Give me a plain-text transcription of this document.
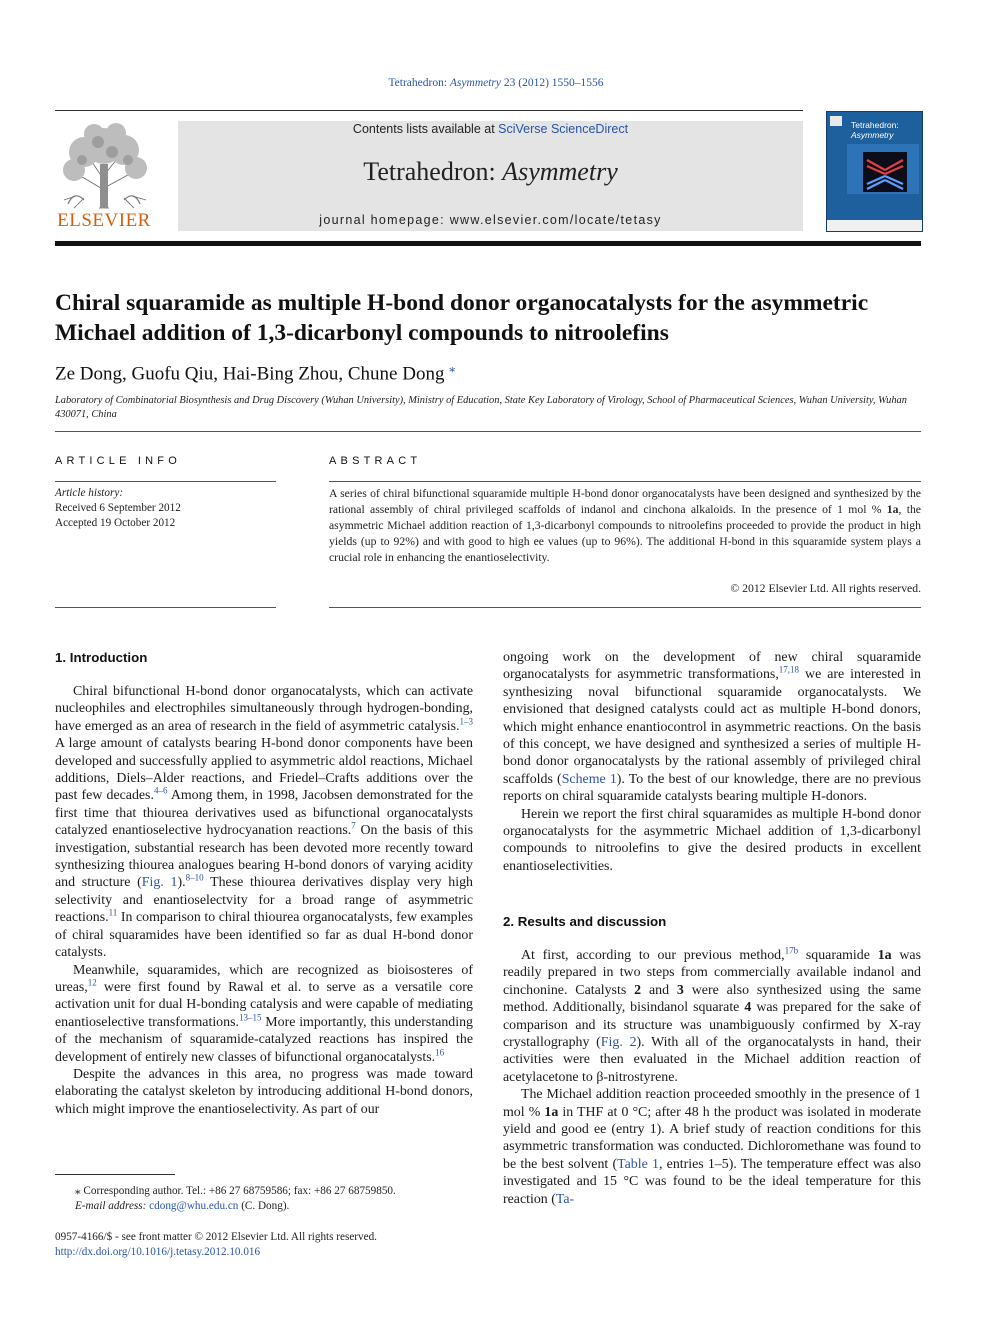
Tetrahedron: Asymmetry 23 (2012) 1550–1556
ELSEVIER
Contents lists available at SciVerse ScienceDirect
Tetrahedron: Asymmetry
journal homepage: www.elsevier.com/locate/tetasy
Tetrahedron:
Asymmetry
Chiral squaramide as multiple H-bond donor organocatalysts for the asymmetric Michael addition of 1,3-dicarbonyl compounds to nitroolefins
Ze Dong, Guofu Qiu, Hai-Bing Zhou, Chune Dong ⁎
Laboratory of Combinatorial Biosynthesis and Drug Discovery (Wuhan University), Ministry of Education, State Key Laboratory of Virology, School of Pharmaceutical Sciences, Wuhan University, Wuhan 430071, China
ARTICLE INFO	ABSTRACT
Article history:
Received 6 September 2012
Accepted 19 October 2012
A series of chiral bifunctional squaramide multiple H-bond donor organocatalysts have been designed and synthesized by the rational assembly of chiral privileged scaffolds of indanol and cinchona alkaloids. In the presence of 1 mol % 1a, the asymmetric Michael addition reaction of 1,3-dicarbonyl compounds to nitroolefins proceeded to provide the product in high yields (up to 92%) and with good to high ee values (up to 96%). The additional H-bond in this squaramide system plays a crucial role in enhancing the enantioselectivity.
© 2012 Elsevier Ltd. All rights reserved.
1. Introduction

Chiral bifunctional H-bond donor organocatalysts, which can activate nucleophiles and electrophiles simultaneously through hydrogen-bonding, have emerged as an area of research in the field of asymmetric catalysis.$^{1-3}$ A large amount of catalysts bearing H-bond donor components have been developed and successfully applied to asymmetric aldol reactions, Michael additions, Diels–Alder reactions, and Friedel–Crafts additions over the past few decades.$^{4-6}$ Among them, in 1998, Jacobsen demonstrated for the first time that thiourea derivatives used as bifunctional organocatalysts catalyzed enantioselective hydrocyanation reactions.$^7$ On the basis of this investigation, substantial research has been devoted more recently toward synthesizing thiourea analogues bearing H-bond donors of varying acidity and structure (Fig. 1).$^{8-10}$ These thiourea derivatives display very high selectivity and enantioselectvity for a broad range of asymmetric reactions.$^{11}$ In comparison to chiral thiourea organocatalysts, few examples of chiral squaramides have been identified so far as dual H-bond donor catalysts.

Meanwhile, squaramides, which are recognized as bioisosteres of ureas,$^{12}$ were first found by Rawal et al. to serve as a versatile core activation unit for dual H-bonding catalysis and were capable of mediating enantioselective transformations.$^{13-15}$ More importantly, this understanding of the mechanism of squaramide-catalyzed reactions has inspired the development of entirely new classes of bifunctional organocatalysts.$^{16}$

Despite the advances in this area, no progress was made toward elaborating the catalyst skeleton by introducing additional H-bond donors, which might improve the enantioselectivity. As part of our

ongoing work on the development of new chiral squaramide organocatalysts for asymmetric transformations,$^{17,18}$ we are interested in synthesizing noval bifunctional squaramide organocatalysts. We envisioned that designed catalysts could act as multiple H-bond donors, which might enhance enantiocontrol in asymmetric reactions. On the basis of this concept, we have designed and synthesized a series of multiple H-bond donor organocatalysts by the rational assembly of privileged chiral scaffolds (Scheme 1). To the best of our knowledge, there are no previous reports on chiral squaramide catalysts bearing multiple H-donors.

Herein we report the first chiral squaramides as multiple H-bond donor organocatalysts for the asymmetric Michael addition of 1,3-dicarbonyl compounds to nitroolefins to give the desired products in excellent enantioselectivities.

2. Results and discussion

At first, according to our previous method,$^{17b}$ squaramide 1a was readily prepared in two steps from commercially available indanol and cinchonine. Catalysts 2 and 3 were also synthesized using the same method. Additionally, bisindanol squarate 4 was prepared for the sake of comparison and its structure was unambiguously confirmed by X-ray crystallography (Fig. 2). With all of the organocatalysts in hand, their activities were then evaluated in the Michael addition reaction of acetylacetone to β-nitrostyrene.

The Michael addition reaction proceeded smoothly in the presence of 1 mol % 1a in THF at 0 °C; after 48 h the product was isolated in moderate yield and good ee (entry 1). A brief study of reaction conditions for this asymmetric transformation was conducted. Dichloromethane was found to be the best solvent (Table 1, entries 1–5). The temperature effect was also investigated and 15 °C was found to be the ideal temperature for this reaction (Ta-

⁎ Corresponding author. Tel.: +86 27 68759586; fax: +86 27 68759850.
E-mail address: cdong@whu.edu.cn (C. Dong).
0957-4166/$ - see front matter © 2012 Elsevier Ltd. All rights reserved.
http://dx.doi.org/10.1016/j.tetasy.2012.10.016
